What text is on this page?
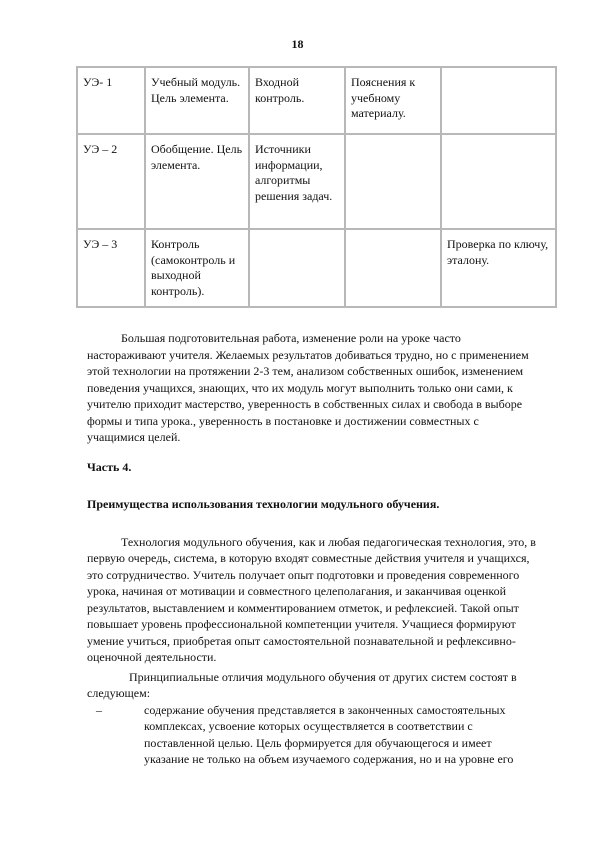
18
УЭ- 1	Учебный модуль. Цель элемента.	Входной контроль.	Пояснения к учебному материалу.	
УЭ – 2	Обобщение. Цель элемента.	Источники информации, алгоритмы решения задач.		
УЭ – 3	Контроль (самоконтроль и выходной контроль).			Проверка по ключу, эталону.

Большая подготовительная работа, изменение роли на уроке часто настораживают учителя. Желаемых результатов добиваться трудно, но с применением этой технологии на протяжении 2-3 тем, анализом собственных ошибок, изменением поведения учащихся, знающих, что их модуль могут выполнить только они сами, к учителю приходит мастерство, уверенность в собственных силах и свобода в выборе формы и типа урока., уверенность в постановке и достижении совместных с учащимися целей.

Часть 4.

Преимущества использования технологии модульного обучения.

Технология модульного обучения, как и любая педагогическая технология, это, в первую очередь, система, в которую входят совместные действия учителя и учащихся, это сотрудничество. Учитель получает опыт подготовки и проведения современного урока, начиная от мотивации и совместного целеполагания, и заканчивая оценкой результатов, выставлением и комментированием отметок, и рефлексией. Такой опыт повышает уровень профессиональной компетенции учителя. Учащиеся формируют умение учиться, приобретая опыт самостоятельной познавательной и рефлексивно-оценочной деятельности.

Принципиальные отличия модульного обучения от других систем состоят в следующем:

–	содержание обучения представляется в законченных самостоятельных комплексах, усвоение которых осуществляется в соответствии с поставленной целью. Цель формируется для обучающегося и имеет указание не только на объем изучаемого содержания, но и на уровне его
